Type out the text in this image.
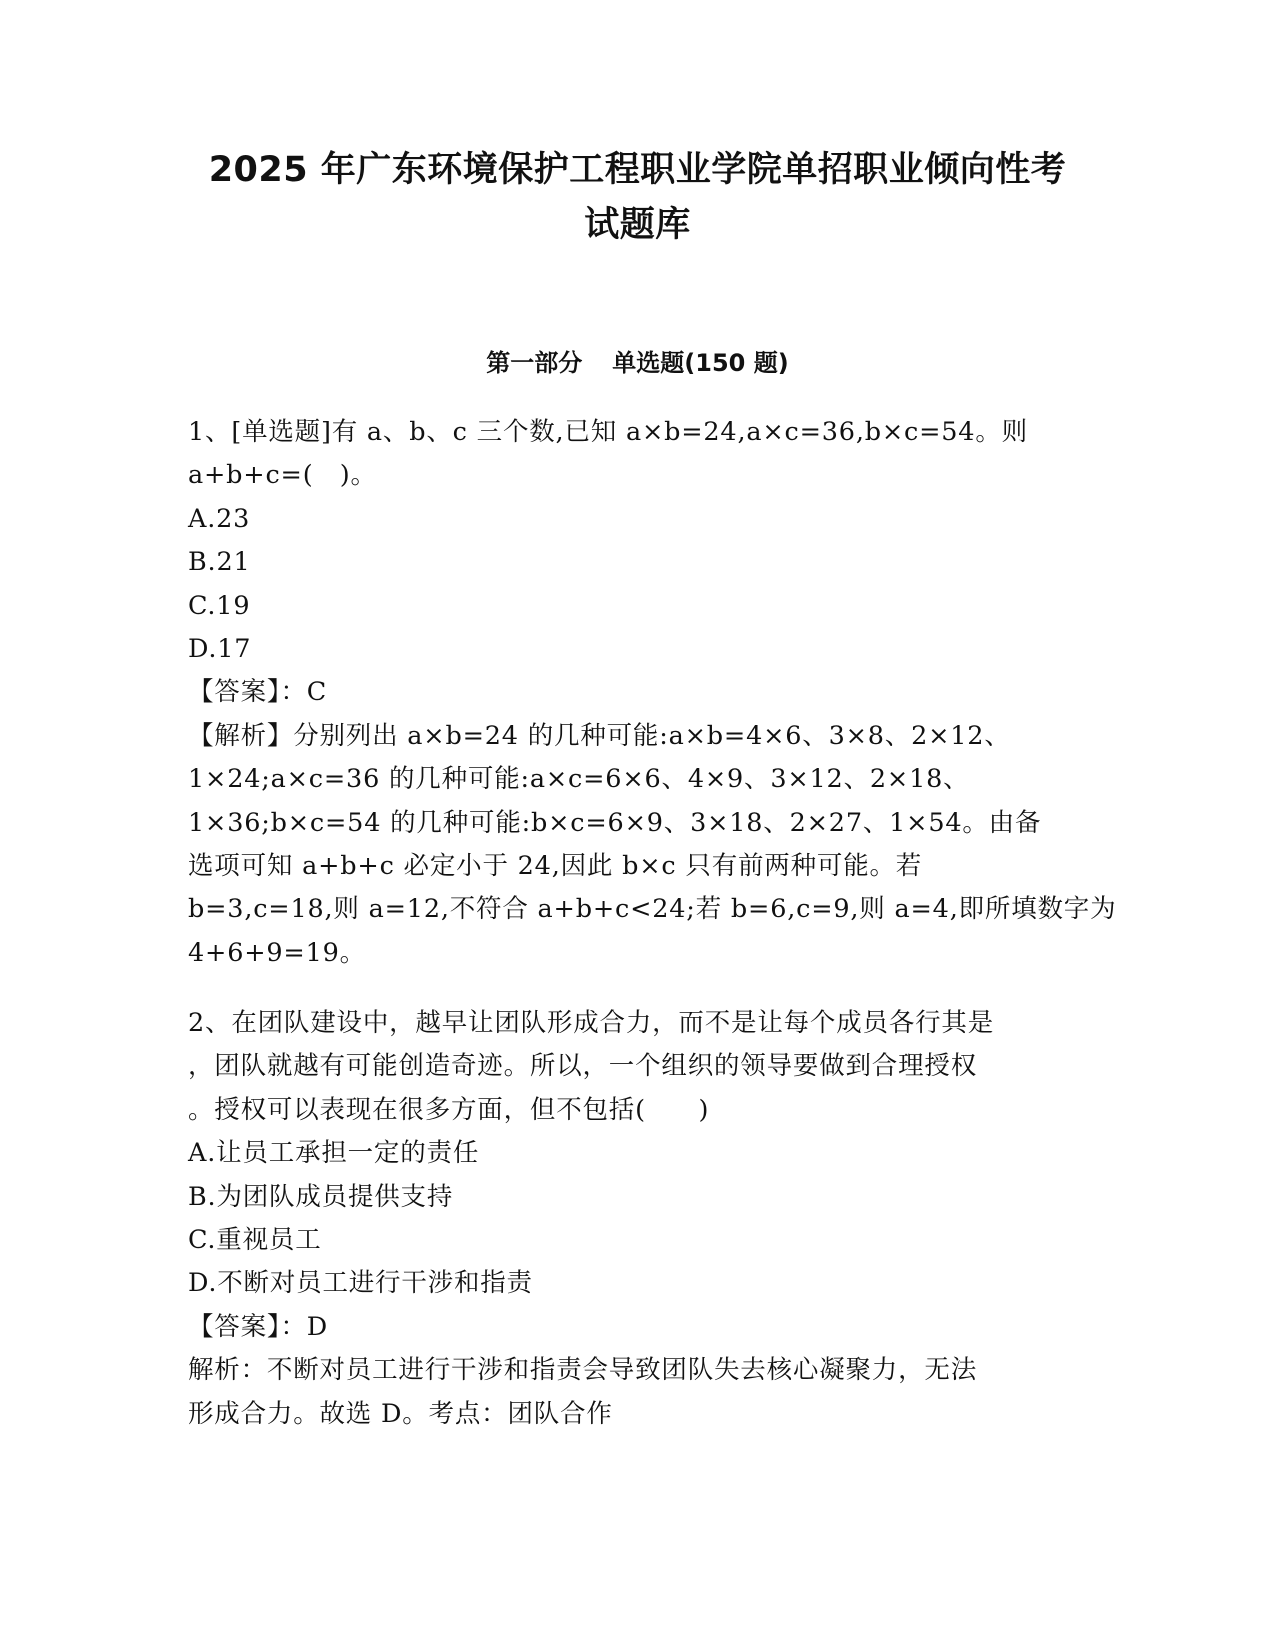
2025 年广东环境保护工程职业学院单招职业倾向性考
试题库
第一部分 单选题(150 题)
1、[单选题]有 a、b、c 三个数,已知 a×b=24,a×c=36,b×c=54。则
a+b+c=(　)。
A.23
B.21
C.19
D.17
【答案】：C
【解析】分别列出 a×b=24 的几种可能:a×b=4×6、3×8、2×12、
1×24;a×c=36 的几种可能:a×c=6×6、4×9、3×12、2×18、
1×36;b×c=54 的几种可能:b×c=6×9、3×18、2×27、1×54。由备
选项可知 a+b+c 必定小于 24,因此 b×c 只有前两种可能。若
b=3,c=18,则 a=12,不符合 a+b+c<24;若 b=6,c=9,则 a=4,即所填数字为
4+6+9=19。
2、在团队建设中，越早让团队形成合力，而不是让每个成员各行其是
，团队就越有可能创造奇迹。所以，一个组织的领导要做到合理授权
。授权可以表现在很多方面，但不包括(　　)
A.让员工承担一定的责任
B.为团队成员提供支持
C.重视员工
D.不断对员工进行干涉和指责
【答案】：D
解析：不断对员工进行干涉和指责会导致团队失去核心凝聚力，无法
形成合力。故选 D。考点：团队合作
